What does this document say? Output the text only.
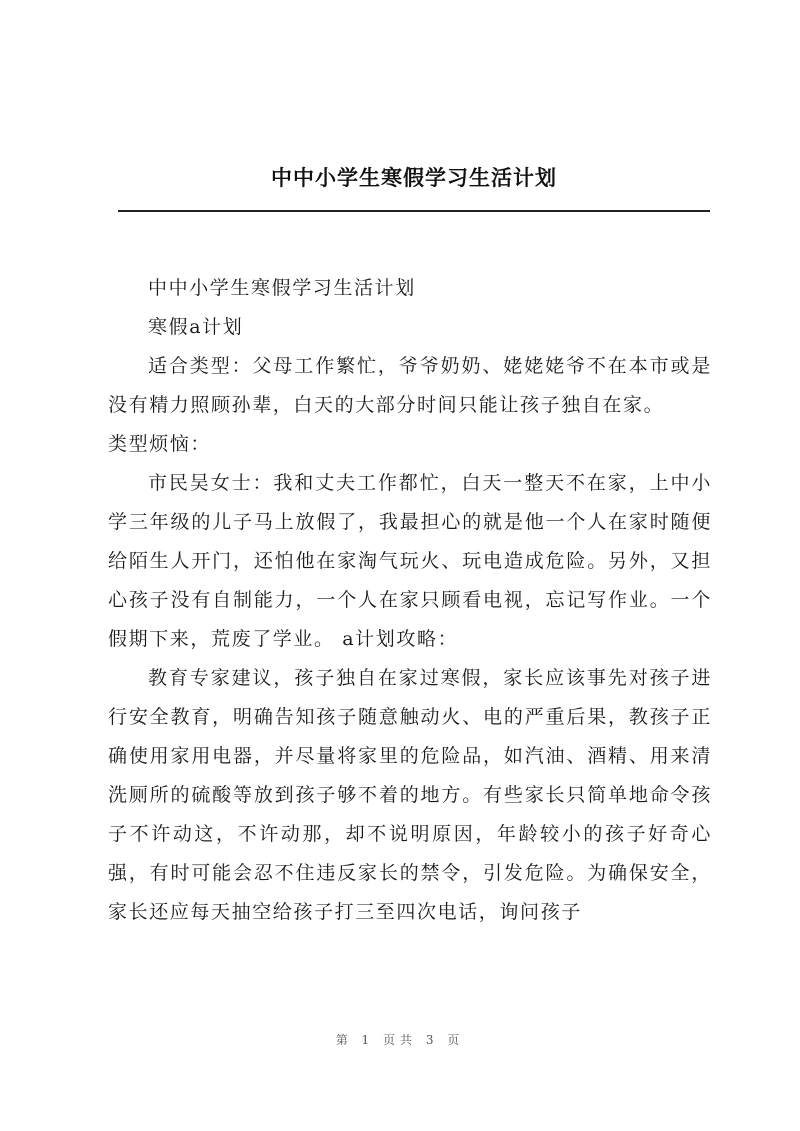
中中小学生寒假学习生活计划

中中小学生寒假学习生活计划

寒假a计划

适合类型：父母工作繁忙，爷爷奶奶、姥姥姥爷不在本市或是没有精力照顾孙辈，白天的大部分时间只能让孩子独自在家。

类型烦恼：

市民吴女士：我和丈夫工作都忙，白天一整天不在家，上中小学三年级的儿子马上放假了，我最担心的就是他一个人在家时随便给陌生人开门，还怕他在家淘气玩火、玩电造成危险。另外，又担心孩子没有自制能力，一个人在家只顾看电视，忘记写作业。一个假期下来，荒废了学业。 a计划攻略：

教育专家建议，孩子独自在家过寒假，家长应该事先对孩子进行安全教育，明确告知孩子随意触动火、电的严重后果，教孩子正确使用家用电器，并尽量将家里的危险品，如汽油、酒精、用来清洗厕所的硫酸等放到孩子够不着的地方。有些家长只简单地命令孩子不许动这，不许动那，却不说明原因，年龄较小的孩子好奇心强，有时可能会忍不住违反家长的禁令，引发危险。为确保安全，家长还应每天抽空给孩子打三至四次电话，询问孩子

第 1 页共 3 页
